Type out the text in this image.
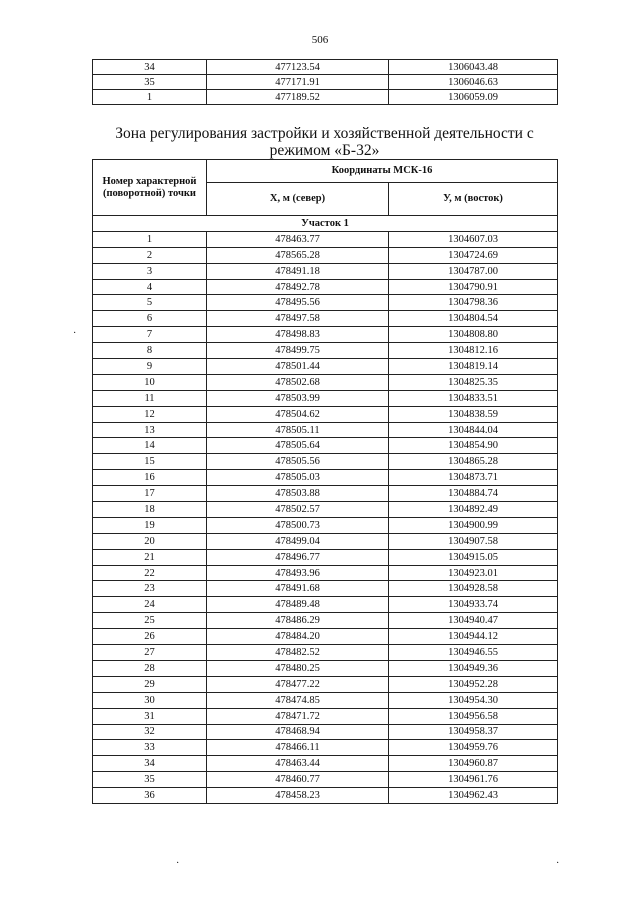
506
34	477123.54	1306043.48
35	477171.91	1306046.63
1	477189.52	1306059.09
Зона регулирования застройки и хозяйственной деятельности с режимом «Б-32»
Номер характерной (поворотной) точки	Координаты МСК-16	
	X, м (север)	У, м (восток)
Участок 1		
1	478463.77	1304607.03
2	478565.28	1304724.69
3	478491.18	1304787.00
4	478492.78	1304790.91
5	478495.56	1304798.36
6	478497.58	1304804.54
7	478498.83	1304808.80
8	478499.75	1304812.16
9	478501.44	1304819.14
10	478502.68	1304825.35
11	478503.99	1304833.51
12	478504.62	1304838.59
13	478505.11	1304844.04
14	478505.64	1304854.90
15	478505.56	1304865.28
16	478505.03	1304873.71
17	478503.88	1304884.74
18	478502.57	1304892.49
19	478500.73	1304900.99
20	478499.04	1304907.58
21	478496.77	1304915.05
22	478493.96	1304923.01
23	478491.68	1304928.58
24	478489.48	1304933.74
25	478486.29	1304940.47
26	478484.20	1304944.12
27	478482.52	1304946.55
28	478480.25	1304949.36
29	478477.22	1304952.28
30	478474.85	1304954.30
31	478471.72	1304956.58
32	478468.94	1304958.37
33	478466.11	1304959.76
34	478463.44	1304960.87
35	478460.77	1304961.76
36	478458.23	1304962.43
·
·	·
